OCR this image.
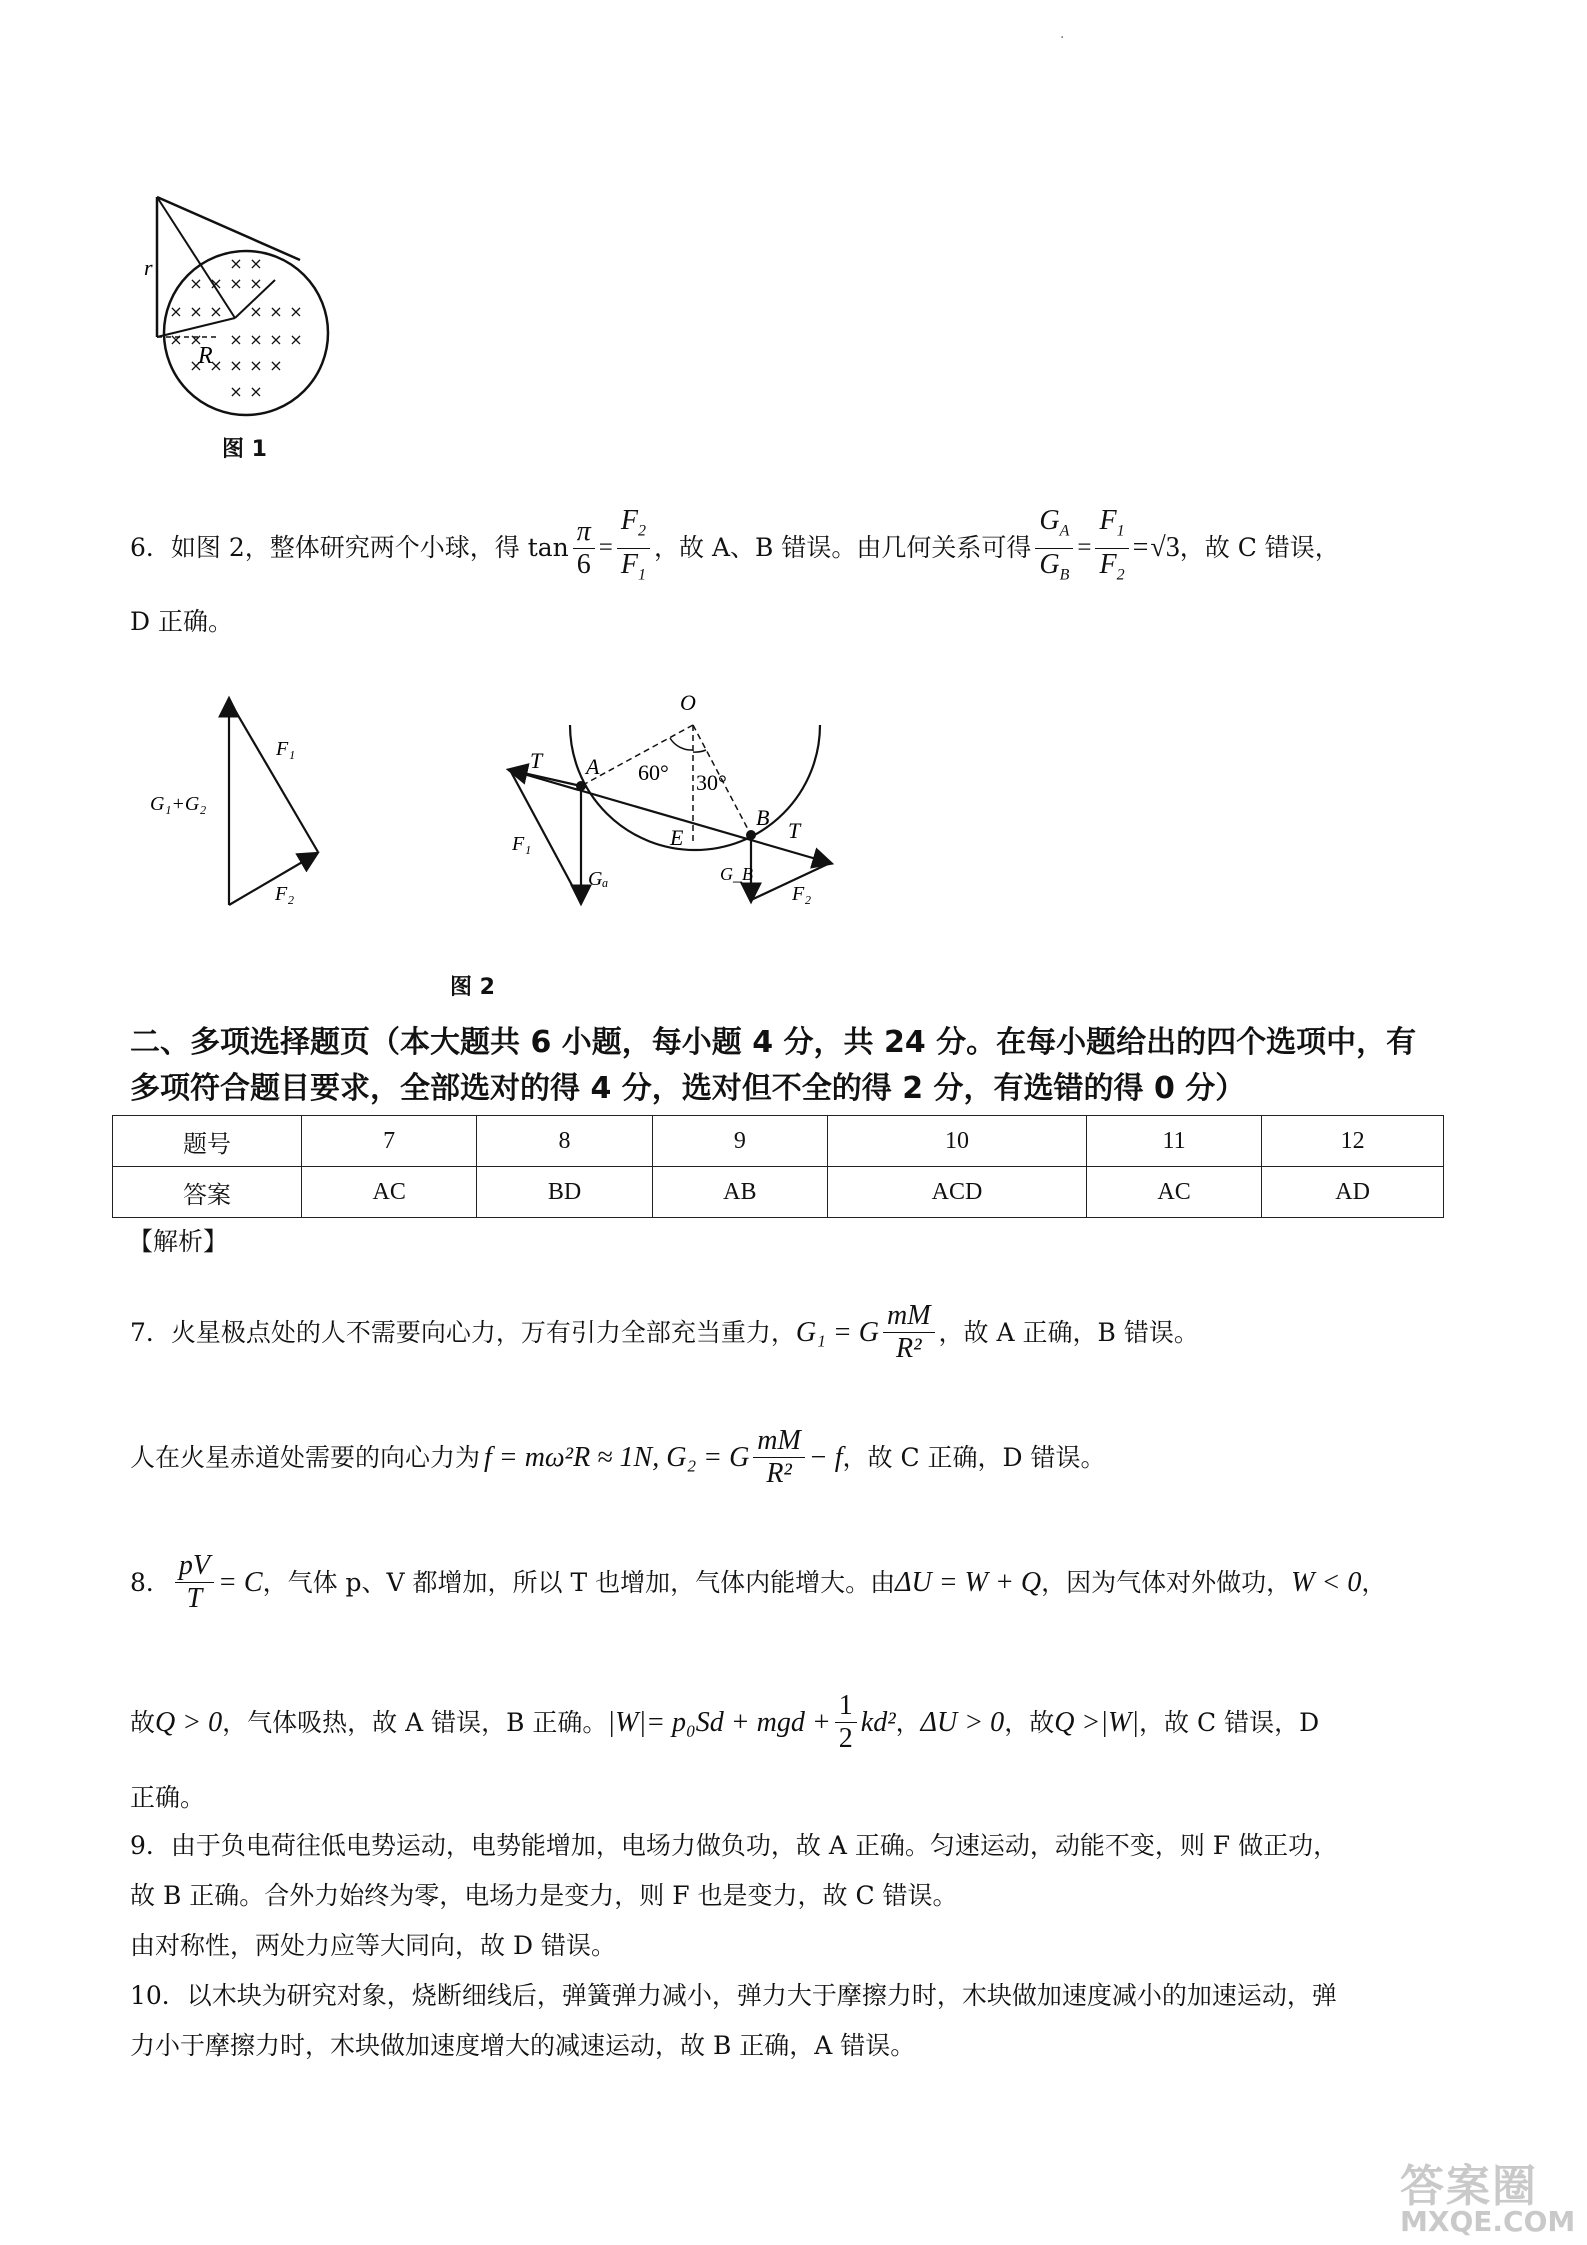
·
× ×
× × × ×
× × × × × ×
× × × × × ×
× × × × ×
× ×
r
R
图 1
6．如图 2，整体研究两个小球，得 $\tan \frac{\pi}{6} = \frac{F_2}{F_1}$ ，故 A、B 错误。由几何关系可得 $\frac{G_A}{G_B} = \frac{F_1}{F_2} = √3$ ，故 C 错误，
D 正确。
G₁+G₂
F₁
F₂
O
T A 60° 30°
E
B
T
F₁
Gₐ	G_B
F₂
图 2
二、多项选择题页（本大题共 6 小题，每小题 4 分，共 24 分。在每小题给出的四个选项中，有
多项符合题目要求，全部选对的得 4 分，选对但不全的得 2 分，有选错的得 0 分）
题号	7	8	9	10	11	12
答案	AC	BD	AB	ACD	AC	AD
【解析】
7．火星极点处的人不需要向心力，万有引力全部充当重力， G₁ = G $\frac{mM}{\text{R²}}$ ，故 A 正确，B 错误。
人在火星赤道处需要的向心力为 f = mω²R ≈ 1N, G₂ = G $\frac{mM}{\text{R²}} - f$ ，故 C 正确，D 错误。
8． $\frac{pV}{T} = C$ ，气体 p、V 都增加，所以 T 也增加，气体内能增大。由 ΔU = W + Q ，因为气体对外做功， W < 0 ，
故 Q > 0 ，气体吸热，故 A 错误，B 正确。 |W|= p₀Sd + mgd + $\frac{1}{2} kd^2$ ， ΔU > 0 ，故 Q >|W| ，故 C 错误，D
正确。
9．由于负电荷往低电势运动，电势能增加，电场力做负功，故 A 正确。匀速运动，动能不变，则 F 做正功，
故 B 正确。合外力始终为零，电场力是变力，则 F 也是变力，故 C 错误。
由对称性，两处力应等大同向，故 D 错误。
10．以木块为研究对象，烧断细线后，弹簧弹力减小，弹力大于摩擦力时，木块做加速度减小的加速运动，弹
力小于摩擦力时，木块做加速度增大的减速运动，故 B 正确，A 错误。
答案圈
MXQE.COM
